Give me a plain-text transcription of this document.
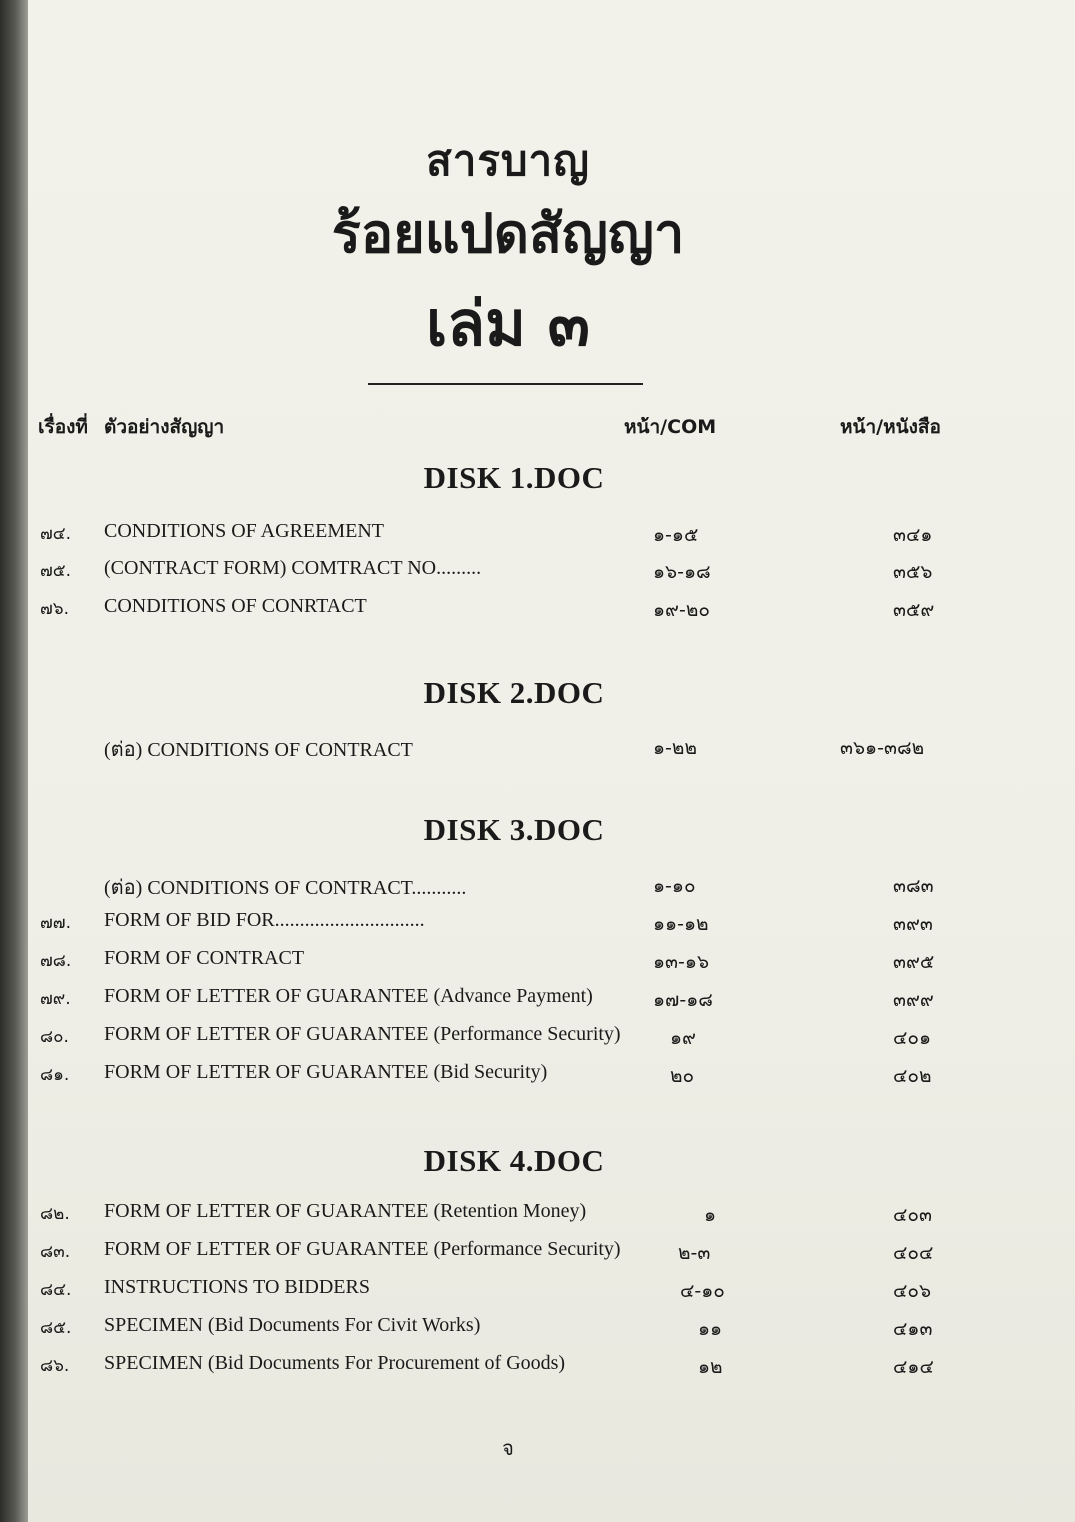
สารบาญ
ร้อยแปดสัญญา
เล่ม ๓
เรื่องที่ ตัวอย่างสัญญา	หน้า/COM	หน้า/หนังสือ
DISK 1.DOC
๗๔. CONDITIONS OF AGREEMENT	๑-๑๕	๓๔๑
๗๕. (CONTRACT FORM) COMTRACT NO.........	๑๖-๑๘	๓๕๖
๗๖. CONDITIONS OF CONRTACT	๑๙-๒๐	๓๕๙
DISK 2.DOC
(ต่อ) CONDITIONS OF CONTRACT	๑-๒๒	๓๖๑-๓๘๒
DISK 3.DOC
(ต่อ) CONDITIONS OF CONTRACT...........	๑-๑๐	๓๘๓
๗๗. FORM OF BID FOR..............................	๑๑-๑๒	๓๙๓
๗๘. FORM OF CONTRACT	๑๓-๑๖	๓๙๕
๗๙. FORM OF LETTER OF GUARANTEE (Advance Payment)	๑๗-๑๘	๓๙๙
๘๐. FORM OF LETTER OF GUARANTEE (Performance Security)	๑๙	๔๐๑
๘๑. FORM OF LETTER OF GUARANTEE (Bid Security)	๒๐	๔๐๒
DISK 4.DOC
๘๒. FORM OF LETTER OF GUARANTEE (Retention Money)	๑	๔๐๓
๘๓. FORM OF LETTER OF GUARANTEE (Performance Security)	๒-๓	๔๐๔
๘๔. INSTRUCTIONS TO BIDDERS	๔-๑๐	๔๐๖
๘๕. SPECIMEN (Bid Documents For Civit Works)	๑๑	๔๑๓
๘๖. SPECIMEN (Bid Documents For Procurement of Goods)	๑๒	๔๑๔
จ
